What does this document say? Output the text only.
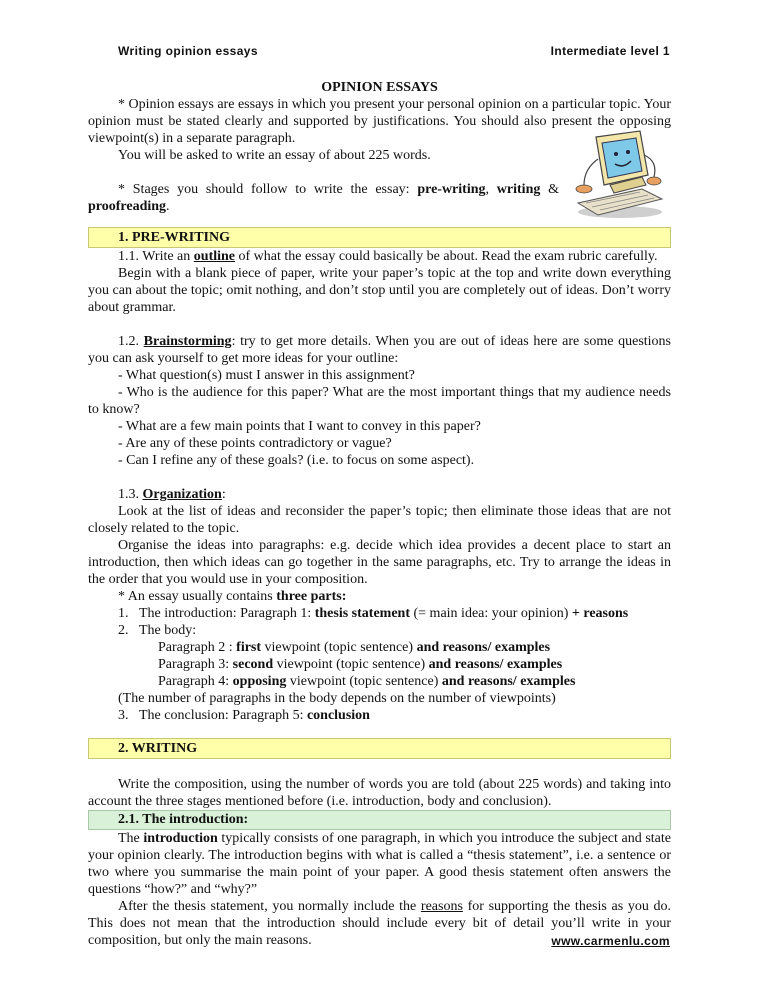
Writing opinion essays	Intermediate level 1

OPINION ESSAYS

* Opinion essays are essays in which you present your personal opinion on a particular topic. Your opinion must be stated clearly and supported by justifications. You should also present the opposing viewpoint(s) in a separate paragraph.

You will be asked to write an essay of about 225 words.

* Stages you should follow to write the essay: pre-writing, writing & proofreading.

1. PRE-WRITING

1.1. Write an outline of what the essay could basically be about. Read the exam rubric carefully.

Begin with a blank piece of paper, write your paper’s topic at the top and write down everything you can about the topic; omit nothing, and don’t stop until you are completely out of ideas. Don’t worry about grammar.

1.2. Brainstorming: try to get more details. When you are out of ideas here are some questions you can ask yourself to get more ideas for your outline:

- What question(s) must I answer in this assignment?

- Who is the audience for this paper? What are the most important things that my audience needs to know?

- What are a few main points that I want to convey in this paper?

- Are any of these points contradictory or vague?

- Can I refine any of these goals? (i.e. to focus on some aspect).

1.3. Organization:

Look at the list of ideas and reconsider the paper’s topic; then eliminate those ideas that are not closely related to the topic.

Organise the ideas into paragraphs: e.g. decide which idea provides a decent place to start an introduction, then which ideas can go together in the same paragraphs, etc. Try to arrange the ideas in the order that you would use in your composition.

* An essay usually contains three parts:

1. The introduction: Paragraph 1: thesis statement (= main idea: your opinion) + reasons

2. The body:

Paragraph 2 : first viewpoint (topic sentence) and reasons/ examples

Paragraph 3: second viewpoint (topic sentence) and reasons/ examples

Paragraph 4: opposing viewpoint (topic sentence) and reasons/ examples

(The number of paragraphs in the body depends on the number of viewpoints)

3. The conclusion: Paragraph 5: conclusion

2. WRITING

Write the composition, using the number of words you are told (about 225 words) and taking into account the three stages mentioned before (i.e. introduction, body and conclusion).

2.1. The introduction:

The introduction typically consists of one paragraph, in which you introduce the subject and state your opinion clearly. The introduction begins with what is called a “thesis statement”, i.e. a sentence or two where you summarise the main point of your paper. A good thesis statement often answers the questions “how?” and “why?”

After the thesis statement, you normally include the reasons for supporting the thesis as you do. This does not mean that the introduction should include every bit of detail you’ll write in your composition, but only the main reasons.	www.carmenlu.com
